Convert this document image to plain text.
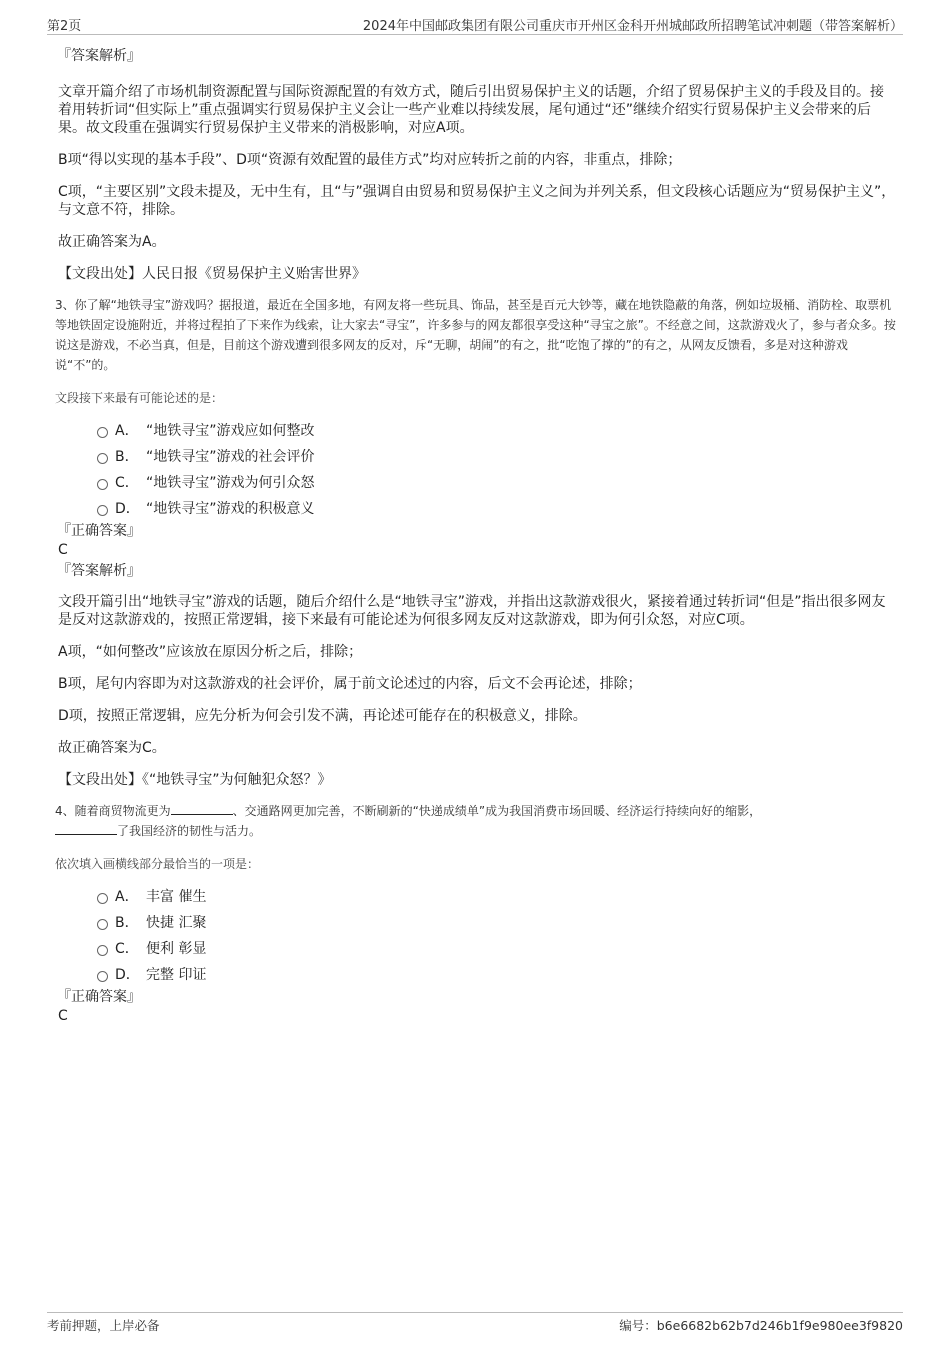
第2页	2024年中国邮政集团有限公司重庆市开州区金科开州城邮政所招聘笔试冲刺题（带答案解析）
『答案解析』

文章开篇介绍了市场机制资源配置与国际资源配置的有效方式，随后引出贸易保护主义的话题，介绍了贸易保护主义的手段及目的。接着用转折词“但实际上”重点强调实行贸易保护主义会让一些产业难以持续发展，尾句通过“还”继续介绍实行贸易保护主义会带来的后果。故文段重在强调实行贸易保护主义带来的消极影响，对应A项。

B项“得以实现的基本手段”、D项“资源有效配置的最佳方式”均对应转折之前的内容，非重点，排除；

C项，“主要区别”文段未提及，无中生有，且“与”强调自由贸易和贸易保护主义之间为并列关系，但文段核心话题应为“贸易保护主义”，与文意不符，排除。

故正确答案为A。

【文段出处】人民日报《贸易保护主义贻害世界》

3、你了解“地铁寻宝”游戏吗？据报道，最近在全国多地，有网友将一些玩具、饰品，甚至是百元大钞等，藏在地铁隐蔽的角落，例如垃圾桶、消防栓、取票机等地铁固定设施附近，并将过程拍了下来作为线索，让大家去“寻宝”，许多参与的网友都很享受这种“寻宝之旅”。不经意之间，这款游戏火了，参与者众多。按说这是游戏，不必当真，但是，目前这个游戏遭到很多网友的反对，斥“无聊，胡闹”的有之，批“吃饱了撑的”的有之，从网友反馈看，多是对这种游戏说“不”的。

文段接下来最有可能论述的是：

A． “地铁寻宝”游戏应如何整改
B． “地铁寻宝”游戏的社会评价
C． “地铁寻宝”游戏为何引众怒
D． “地铁寻宝”游戏的积极意义
『正确答案』
C
『答案解析』

文段开篇引出“地铁寻宝”游戏的话题，随后介绍什么是“地铁寻宝”游戏，并指出这款游戏很火，紧接着通过转折词“但是”指出很多网友是反对这款游戏的，按照正常逻辑，接下来最有可能论述为何很多网友反对这款游戏，即为何引众怒，对应C项。

A项，“如何整改”应该放在原因分析之后，排除；

B项，尾句内容即为对这款游戏的社会评价，属于前文论述过的内容，后文不会再论述，排除；

D项，按照正常逻辑，应先分析为何会引发不满，再论述可能存在的积极意义，排除。

故正确答案为C。

【文段出处】《“地铁寻宝”为何触犯众怒？》

4、随着商贸物流更为	、交通路网更加完善，不断刷新的“快递成绩单”成为我国消费市场回暖、经济运行持续向好的缩影，
了我国经济的韧性与活力。

依次填入画横线部分最恰当的一项是：

A． 丰富 催生
B． 快捷 汇聚
C． 便利 彰显
D． 完整 印证
『正确答案』
C
考前押题，上岸必备	编号：b6e6682b62b7d246b1f9e980ee3f9820
